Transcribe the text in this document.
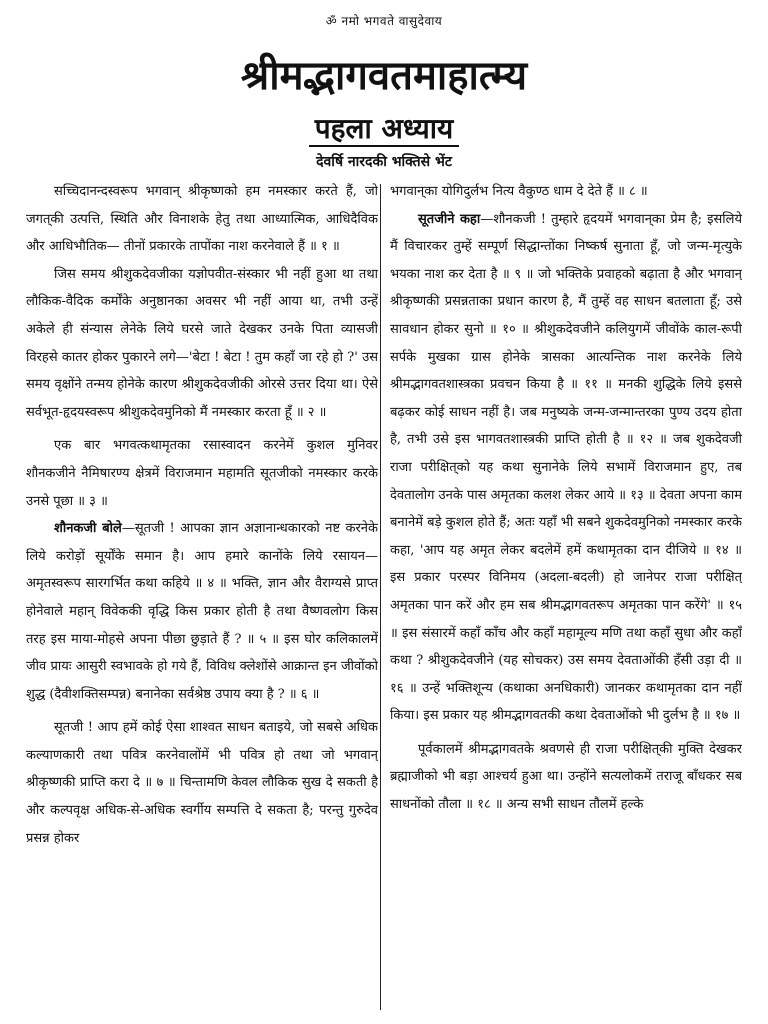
ॐ नमो भगवते वासुदेवाय
श्रीमद्भागवतमाहात्म्य
पहला अध्याय
देवर्षि नारदकी भक्तिसे भेंट

सच्चिदानन्दस्वरूप भगवान् श्रीकृष्णको हम नमस्कार करते हैं, जो जगत्‌की उत्पत्ति, स्थिति और विनाशके हेतु तथा आध्यात्मिक, आधिदैविक और आधिभौतिक— तीनों प्रकारके तापोंका नाश करनेवाले हैं ॥ १ ॥

जिस समय श्रीशुकदेवजीका यज्ञोपवीत-संस्कार भी नहीं हुआ था तथा लौकिक-वैदिक कर्मोंके अनुष्ठानका अवसर भी नहीं आया था, तभी उन्हें अकेले ही संन्यास लेनेके लिये घरसे जाते देखकर उनके पिता व्यासजी विरहसे कातर होकर पुकारने लगे—'बेटा ! बेटा ! तुम कहाँ जा रहे हो ?' उस समय वृक्षोंने तन्मय होनेके कारण श्रीशुकदेवजीकी ओरसे उत्तर दिया था। ऐसे सर्वभूत-हृदयस्वरूप श्रीशुकदेवमुनिको मैं नमस्कार करता हूँ ॥ २ ॥

एक बार भगवत्कथामृतका रसास्वादन करनेमें कुशल मुनिवर शौनकजीने नैमिषारण्य क्षेत्रमें विराजमान महामति सूतजीको नमस्कार करके उनसे पूछा ॥ ३ ॥

शौनकजी बोले—सूतजी ! आपका ज्ञान अज्ञानान्धकारको नष्ट करनेके लिये करोड़ों सूर्योंके समान है। आप हमारे कानोंके लिये रसायन—अमृतस्वरूप सारगर्भित कथा कहिये ॥ ४ ॥ भक्ति, ज्ञान और वैराग्यसे प्राप्त होनेवाले महान् विवेककी वृद्धि किस प्रकार होती है तथा वैष्णवलोग किस तरह इस माया-मोहसे अपना पीछा छुड़ाते हैं ? ॥ ५ ॥ इस घोर कलिकालमें जीव प्रायः आसुरी स्वभावके हो गये हैं, विविध क्लेशोंसे आक्रान्त इन जीवोंको शुद्ध (दैवीशक्तिसम्पन्न) बनानेका सर्वश्रेष्ठ उपाय क्या है ? ॥ ६ ॥

सूतजी ! आप हमें कोई ऐसा शाश्वत साधन बताइये, जो सबसे अधिक कल्याणकारी तथा पवित्र करनेवालोंमें भी पवित्र हो तथा जो भगवान् श्रीकृष्णकी प्राप्ति करा दे ॥ ७ ॥ चिन्तामणि केवल लौकिक सुख दे सकती है और कल्पवृक्ष अधिक-से-अधिक स्वर्गीय सम्पत्ति दे सकता है; परन्तु गुरुदेव प्रसन्न होकर

भगवान्‌का योगिदुर्लभ नित्य वैकुण्ठ धाम दे देते हैं ॥ ८ ॥

सूतजीने कहा—शौनकजी ! तुम्हारे हृदयमें भगवान्‌का प्रेम है; इसलिये मैं विचारकर तुम्हें सम्पूर्ण सिद्धान्तोंका निष्कर्ष सुनाता हूँ, जो जन्म-मृत्युके भयका नाश कर देता है ॥ ९ ॥ जो भक्तिके प्रवाहको बढ़ाता है और भगवान् श्रीकृष्णकी प्रसन्नताका प्रधान कारण है, मैं तुम्हें वह साधन बतलाता हूँ; उसे सावधान होकर सुनो ॥ १० ॥ श्रीशुकदेवजीने कलियुगमें जीवोंके काल-रूपी सर्पके मुखका ग्रास होनेके त्रासका आत्यन्तिक नाश करनेके लिये श्रीमद्भागवतशास्त्रका प्रवचन किया है ॥ ११ ॥ मनकी शुद्धिके लिये इससे बढ़कर कोई साधन नहीं है। जब मनुष्यके जन्म-जन्मान्तरका पुण्य उदय होता है, तभी उसे इस भागवतशास्त्रकी प्राप्ति होती है ॥ १२ ॥ जब शुकदेवजी राजा परीक्षित्‌को यह कथा सुनानेके लिये सभामें विराजमान हुए, तब देवतालोग उनके पास अमृतका कलश लेकर आये ॥ १३ ॥ देवता अपना काम बनानेमें बड़े कुशल होते हैं; अतः यहाँ भी सबने शुकदेवमुनिको नमस्कार करके कहा, 'आप यह अमृत लेकर बदलेमें हमें कथामृतका दान दीजिये ॥ १४ ॥ इस प्रकार परस्पर विनिमय (अदला-बदली) हो जानेपर राजा परीक्षित् अमृतका पान करें और हम सब श्रीमद्भागवतरूप अमृतका पान करेंगे' ॥ १५ ॥ इस संसारमें कहाँ काँच और कहाँ महामूल्य मणि तथा कहाँ सुधा और कहाँ कथा ? श्रीशुकदेवजीने (यह सोचकर) उस समय देवताओंकी हँसी उड़ा दी ॥ १६ ॥ उन्हें भक्तिशून्य (कथाका अनधिकारी) जानकर कथामृतका दान नहीं किया। इस प्रकार यह श्रीमद्भागवतकी कथा देवताओंको भी दुर्लभ है ॥ १७ ॥

पूर्वकालमें श्रीमद्भागवतके श्रवणसे ही राजा परीक्षित्‌की मुक्ति देखकर ब्रह्माजीको भी बड़ा आश्चर्य हुआ था। उन्होंने सत्यलोकमें तराजू बाँधकर सब साधनोंको तौला ॥ १८ ॥ अन्य सभी साधन तौलमें हल्के
